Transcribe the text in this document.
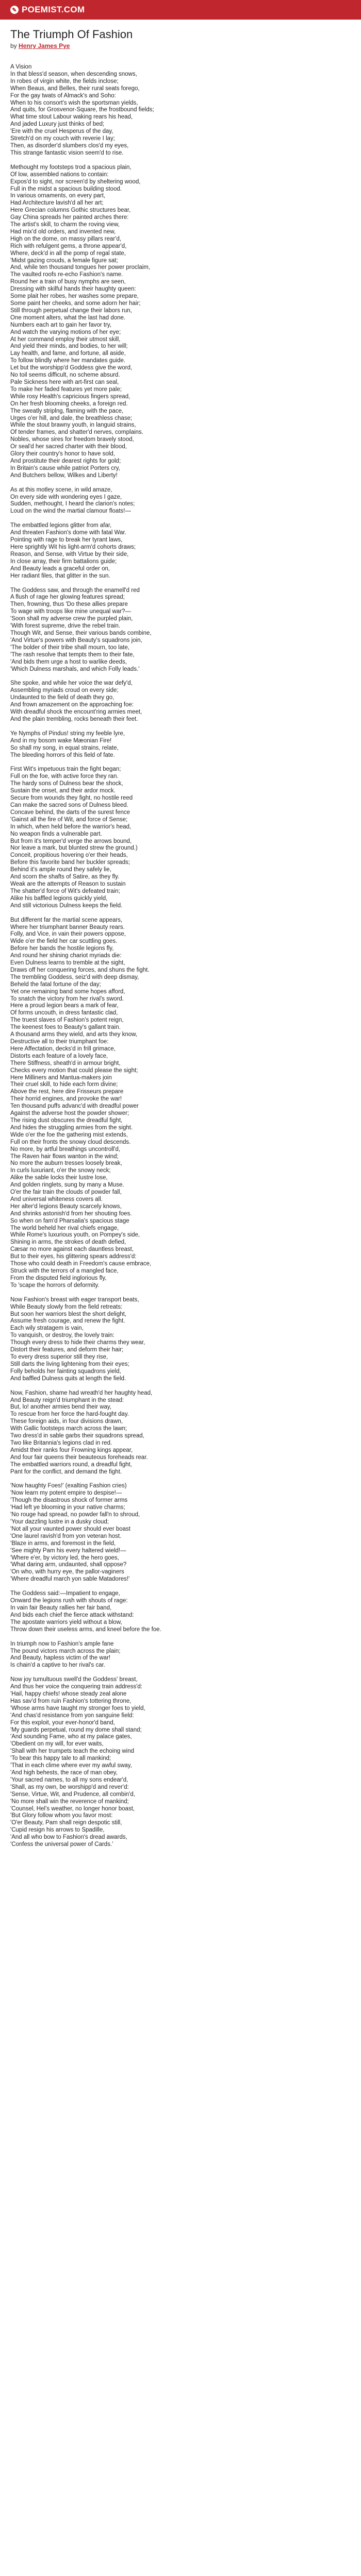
✎ POEMIST.COM
The Triumph Of Fashion

by Henry James Pye

A Vision
In that bless'd season, when descending snows,
In robes of virgin white, the fields inclose;
When Beaus, and Belles, their rural seats forego,
For the gay twats of Almack's and Soho:
When to his consort's wish the sportsman yields,
And quits, for Grosvenor-Square, the frostbound fields;
What time stout Labour waking rears his head,
And jaded Luxury just thinks of bed;
'Ere with the cruel Hesperus of the day,
Stretch'd on my couch with reverie I lay;
Then, as disorder'd slumbers clos'd my eyes,
This strange fantastic vision seem'd to rise.
Methought my footsteps trod a spacious plain,
Of low, assembled nations to contain:
Expos'd to sight, nor screen'd by sheltering wood,
Full in the midst a spacious building stood.
In various ornaments, on every part,
Had Architecture lavish'd all her art;
Here Grecian columns Gothic structures bear,
Gay China spreads her painted arches there:
The artist's skill, to charm the roving view,
Had mix'd old orders, and invented new,
High on the dome, on massy pillars rear'd,
Rich with refulgent gems, a throne appear'd,
Where, deck'd in all the pomp of regal state,
'Midst gazing crouds, a female figure sat;
And, while ten thousand tongues her power proclaim,
The vaulted roofs re-echo Fashion's name.
Round her a train of busy nymphs are seen,
Dressing with skilful hands their haughty queen:
Some plait her robes, her washes some prepare,
Some paint her cheeks, and some adorn her hair;
Still through perpetual change their labors run,
One moment alters, what the last had done.
Numbers each art to gain her favor try,
And watch the varying motions of her eye;
At her command employ their utmost skill,
And yield their minds, and bodies, to her will;
Lay health, and fame, and fortune, all aside,
To follow blindly where her mandates guide.
Let but the worshipp'd Goddess give the word,
No toil seems difficult, no scheme absurd.
Pale Sickness here with art-first can seal,
To make her faded features yet more pale;
While rosy Health's capricious fingers spread,
On her fresh blooming cheeks, a foreign red.
The sweatly striplng, flaming with the pace,
Urges o'er hill, and dale, the breathless chase;
While the stout brawny youth, in languid strains,
Of tender frames, and shatter'd nerves, complains.
Nobles, whose sires for freedom bravely stood,
Or seal'd her sacred charter with their blood,
Glory their country's honor to have sold,
And prostitute their dearest rights for gold;
In Britain's cause while patriot Porters cry,
And Butchers bellow, Wilkes and Liberty!
As at this motley scene, in wild amaze,
On every side with wondering eyes I gaze,
Sudden, methought, I heard the clarion's notes;
Loud on the wind the martial clamour floats!—
The embattled legions glitter from afar,
And threaten Fashion's dome with fatal War.
Pointing with rage to break her tyrant laws,
Here sprightly Wit his light-arm'd cohorts draws;
Reason, and Sense, with Virtue by their side,
In close array, their firm battalions guide;
And Beauty leads a graceful order on,
Her radiant files, that glitter in the sun.
The Goddess saw, and through the enamell'd red
A flush of rage her glowing features spread;
Then, frowning, thus 'Do these allies prepare
To wage with troops like mine unequal war?—
'Soon shall my adverse crew the purpled plain,
'With forest supreme, drive the rebel train.
Though Wit, and Sense, their various bands combine,
'And Virtue's powers with Beauty's squadrons join,
'The bolder of their tribe shall mourn, too late,
'The rash resolve that tempts them to their fate,
'And bids them urge a host to warlike deeds,
'Which Dulness marshals, and which Folly leads.'
She spoke, and while her voice the war defy'd,
Assembling myriads croud on every side;
Undaunted to the field of death they go,
And frown amazement on the approaching foe:
With dreadful shock the encount'ring armies meet,
And the plain trembling, rocks beneath their feet.
Ye Nymphs of Pindus! string my feeble lyre,
And in my bosom wake Mæonian Fire!
So shall my song, in equal strains, relate,
The bleeding horrors of this field of fate.
First Wit's impetuous train the fight began;
Full on the foe, with active force they ran.
The hardy sons of Dulness bear the shock,
Sustain the onset, and their ardor mock.
Secure from wounds they fight, no hostile reed
Can make the sacred sons of Dulness bleed.
Concave behind, the darts of the surest fence
'Gainst all the fire of Wit, and force of Sense;
In which, when held before the warrior's head,
No weapon finds a vulnerable part.
But from it's temper'd verge the arrows bound,
Nor leave a mark, but blunted strew the ground.)
Conceit, propitious hovering o'er their heads,
Before this favorite band her buckler spreads;
Behind it's ample round they safely lie,
And scorn the shafts of Satire, as they fly.
Weak are the attempts of Reason to sustain
The shatter'd force of Wit's defeated train;
Alike his baffled legions quickly yield,
And still victorious Dulness keeps the field.
But different far the martial scene appears,
Where her triumphant banner Beauty rears.
Folly, and Vice, in vain their powers oppose,
Wide o'er the field her car scuttling goes.
Before her bands the hostile legions fly,
And round her shining chariot myriads die:
Even Dulness learns to tremble at the sight,
Draws off her conquering forces, and shuns the fight.
The trembling Goddess, seiz'd with deep dismay,
Beheld the fatal fortune of the day;
Yet one remaining band some hopes afford,
To snatch the victory from her rival's sword.
Here a proud legion bears a mark of fear,
Of forms uncouth, in dress fantastic clad,
The truest slaves of Fashion's potent reign,
The keenest foes to Beauty's gallant train.
A thousand arms they wield, and arts they know,
Destructive all to their triumphant foe:
Here Affectation, decks'd in frill grimace,
Distorts each feature of a lovely face,
There Stiffness, sheath'd in armour bright,
Checks every motion that could please the sight;
Here Milliners and Mantua-makers join
Their cruel skill, to hide each form divine;
Above the rest, here dire Frisseurs prepare
Their horrid engines, and provoke the war!
Ten thousand puffs advanc'd with dreadful power
Against the adverse host the powder shower;
The rising dust obscures the dreadful fight,
And hides the struggling armies from the sight.
Wide o'er the foe the gathering mist extends,
Full on their fronts the snowy cloud descends.
No more, by artful breathings uncontroll'd,
The Raven hair flows wanton in the wind;
No more the auburn tresses loosely break,
In curls luxuriant, o'er the snowy neck;
Alike the sable locks their lustre lose,
And golden ringlets, sung by many a Muse.
O'er the fair train the clouds of powder fall,
And universal whiteness covers all.
Her alter'd legions Beauty scarcely knows,
And shrinks astonish'd from her shouting foes.
So when on fam'd Pharsalia's spacious stage
The world beheld her rival chiefs engage,
While Rome's luxurious youth, on Pompey's side,
Shining in arms, the strokes of death defied,
Cæsar no more against each dauntless breast,
But to their eyes, his glittering spears address'd:
Those who could death in Freedom's cause embrace,
Struck with the terrors of a mangled face,
From the disputed field inglorious fly,
To 'scape the horrors of deformity.
Now Fashion's breast with eager transport beats,
While Beauty slowly from the field retreats:
But soon her warriors blest the short delight,
Assume fresh courage, and renew the fight.
Each wily stratagem is vain,
To vanquish, or destroy, the lovely train:
Though every dress to hide their charms they wear,
Distort their features, and deform their hair;
To every dress superior still they rise,
Still darts the living lightening from their eyes;
Folly beholds her fainting squadrons yield,
And baffled Dulness quits at length the field.
Now, Fashion, shame had wreath'd her haughty head,
And Beauty reign'd triumphant in the stead:
But, lo! another armies bend their way,
To rescue from her force the hard-fought day.
These foreign aids, in four divisions drawn,
With Gallic footsteps march across the lawn;
Two dress'd in sable garbs their squadrons spread,
Two like Britannia's legions clad in red.
Amidst their ranks four Frowning kings appear,
And four fair queens their beauteous foreheads rear.
The embattled warriors round, a dreadful fight,
Pant for the conflict, and demand the fight.
'Now haughty Foes!' (exalting Fashion cries)
'Now learn my potent empire to despise!—
'Though the disastrous shock of former arms
'Had left ye blooming in your native charms;
'No rouge had spread, no powder fall'n to shroud,
'Your dazzling lustre in a dusky cloud;
'Not all your vaunted power should ever boast
'One laurel ravish'd from yon veteran host.
'Blaze in arms, and foremost in the field,
'See mighty Pam his every haltered wield!—
'Where e'er, by victory led, the hero goes,
'What daring arm, undaunted, shall oppose?
'On who, with hurry eye, the pallor-vaginers
'Where dreadful march yon sable Matadores!'
The Goddess said:—Impatient to engage,
Onward the legions rush with shouts of rage:
In vain fair Beauty rallies her fair band,
And bids each chief the fierce attack withstand:
The apostate warriors yield without a blow,
Throw down their useless arms, and kneel before the foe.
In triumph now to Fashion's ample fane
The pound victors march across the plain;
And Beauty, hapless victim of the war!
Is chain'd a captive to her rival's car.
Now joy tumultuous swell'd the Goddess' breast,
And thus her voice the conquering train address'd:
'Hail, happy chiefs! whose steady zeal alone
Has sav'd from ruin Fashion's tottering throne,
'Whose arms have taught my stronger foes to yield,
'And chas'd resistance from yon sanguine field:
For this exploit, your ever-honor'd band,
'My guards perpetual, round my dome shall stand;
'And sounding Fame, who at my palace gates,
'Obedient on my will, for ever waits,
'Shall with her trumpets teach the echoing wind
'To bear this happy tale to all mankind;
'That in each clime where ever my awful sway,
'And high behests, the race of man obey,
'Your sacred names, to all my sons endear'd,
'Shall, as my own, be worshipp'd and rever'd:
'Sense, Virtue, Wit, and Prudence, all combin'd,
'No more shall win the reverence of mankind;
'Counsel, Hel’s weather, no longer honor boast,
'But Glory follow whom you favor most:
'O'er Beauty, Pam shall reign despotic still,
'Cupid resign his arrows to Spadille,
'And all who bow to Fashion's dread awards,
'Confess the universal power of Cards.'
